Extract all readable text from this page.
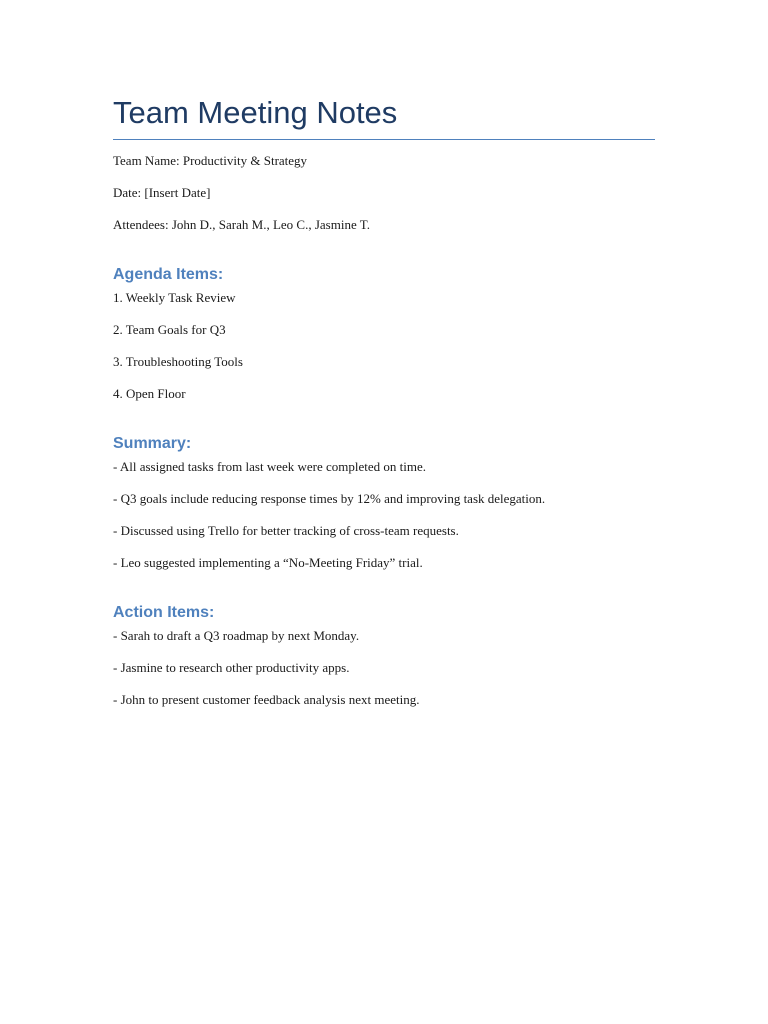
Team Meeting Notes

Team Name: Productivity & Strategy

Date: [Insert Date]

Attendees: John D., Sarah M., Leo C., Jasmine T.

Agenda Items:

1. Weekly Task Review

2. Team Goals for Q3

3. Troubleshooting Tools

4. Open Floor

Summary:

- All assigned tasks from last week were completed on time.

- Q3 goals include reducing response times by 12% and improving task delegation.

- Discussed using Trello for better tracking of cross-team requests.

- Leo suggested implementing a “No-Meeting Friday” trial.

Action Items:

- Sarah to draft a Q3 roadmap by next Monday.

- Jasmine to research other productivity apps.

- John to present customer feedback analysis next meeting.
